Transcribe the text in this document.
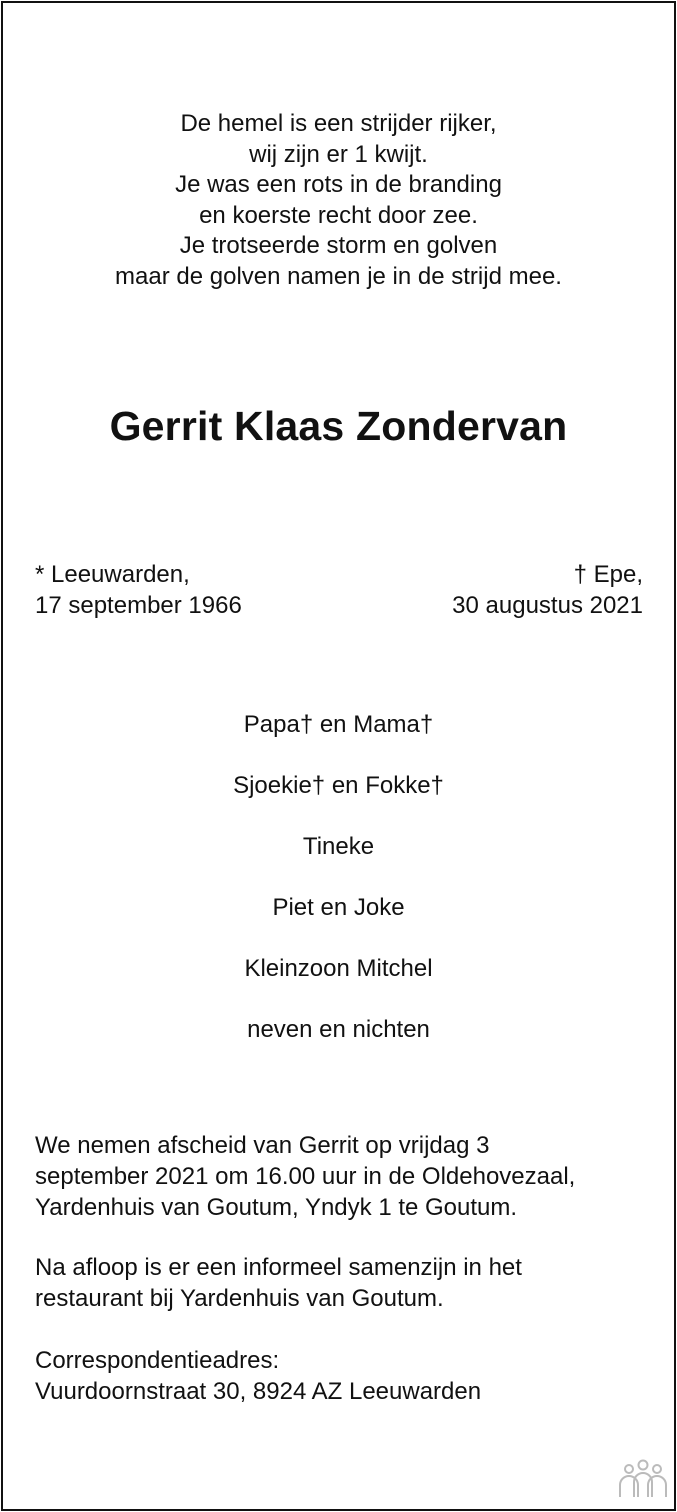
De hemel is een strijder rijker,
wij zijn er 1 kwijt.
Je was een rots in de branding
en koerste recht door zee.
Je trotseerde storm en golven
maar de golven namen je in de strijd mee.
Gerrit Klaas Zondervan
* Leeuwarden,
17 september 1966
† Epe,
30 augustus 2021
Papa† en Mama†
Sjoekie† en Fokke†
Tineke
Piet en Joke
Kleinzoon Mitchel
neven en nichten
We nemen afscheid van Gerrit op vrijdag 3
september 2021 om 16.00 uur in de Oldehovezaal,
Yardenhuis van Goutum, Yndyk 1 te Goutum.
Na afloop is er een informeel samenzijn in het
restaurant bij Yardenhuis van Goutum.
Correspondentieadres:
Vuurdoornstraat 30, 8924 AZ Leeuwarden
